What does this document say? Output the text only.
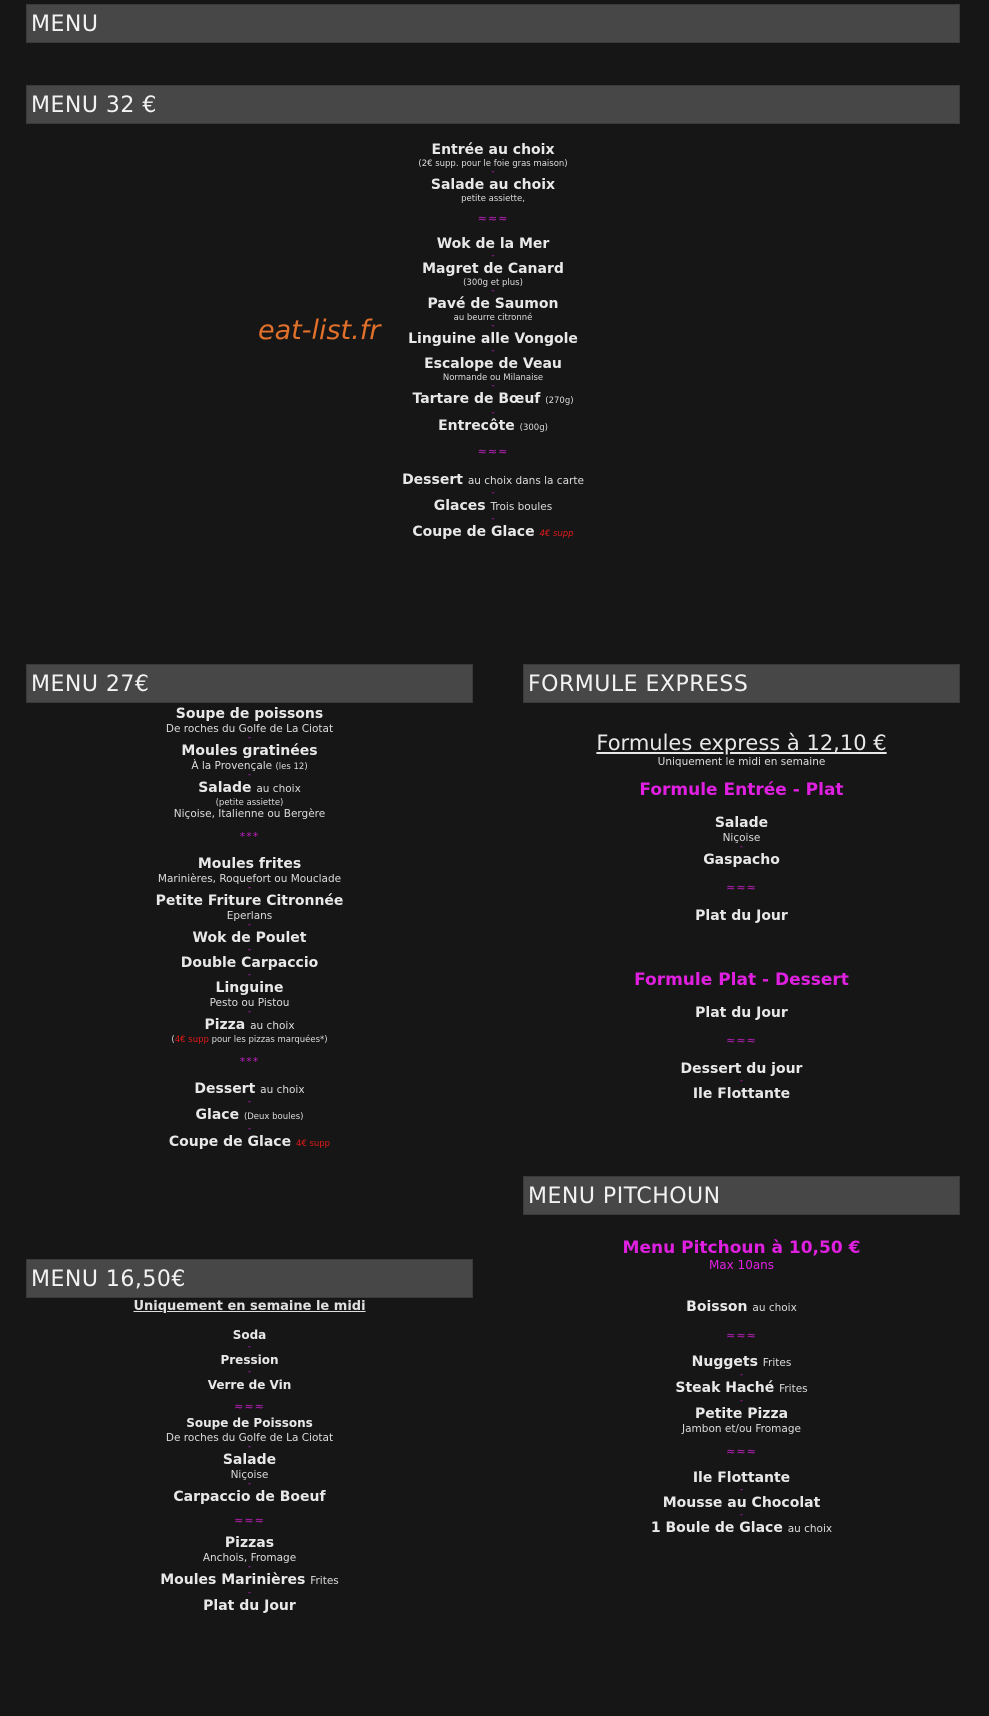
MENU
MENU 32 €
eat-list.fr
Entrée au choix
(2€ supp. pour le foie gras maison)
-
Salade au choix
petite assiette,
≈≈≈
Wok de la Mer
-
Magret de Canard
(300g et plus)
-
Pavé de Saumon
au beurre citronné
-
Linguine alle Vongole
-
Escalope de Veau
Normande ou Milanaise
-
Tartare de Bœuf (270g)
-
Entrecôte (300g)
≈≈≈
Dessert au choix dans la carte
-
Glaces Trois boules
-
Coupe de Glace 4€ supp
MENU 27€
Soupe de poissons
De roches du Golfe de La Ciotat
-
Moules gratinées
À la Provençale (les 12)
-
Salade au choix
(petite assiette)
Niçoise, Italienne ou Bergère
***
Moules frites
Marinières, Roquefort ou Mouclade
-
Petite Friture Citronnée
Eperlans
-
Wok de Poulet
-
Double Carpaccio
-
Linguine
Pesto ou Pistou
-
Pizza au choix
(4€ supp pour les pizzas marquées*)
***
Dessert au choix
-
Glace (Deux boules)
-
Coupe de Glace 4€ supp
FORMULE EXPRESS
Formules express à 12,10 €
Uniquement le midi en semaine
Formule Entrée - Plat
Salade
Niçoise
-
Gaspacho
≈≈≈
Plat du Jour
Formule Plat - Dessert
Plat du Jour
≈≈≈
Dessert du jour
-
Ile Flottante
MENU 16,50€
Uniquement en semaine le midi
Soda
-
Pression
-
Verre de Vin
≈≈≈
Soupe de Poissons
De roches du Golfe de La Ciotat
-
Salade
Niçoise
-
Carpaccio de Boeuf
≈≈≈
Pizzas
Anchois, Fromage
-
Moules Marinières Frites
-
Plat du Jour
MENU PITCHOUN
Menu Pitchoun à 10,50 €
Max 10ans
Boisson au choix
≈≈≈
Nuggets Frites
-
Steak Haché Frites
-
Petite Pizza
Jambon et/ou Fromage
≈≈≈
Ile Flottante
-
Mousse au Chocolat
-
1 Boule de Glace au choix
